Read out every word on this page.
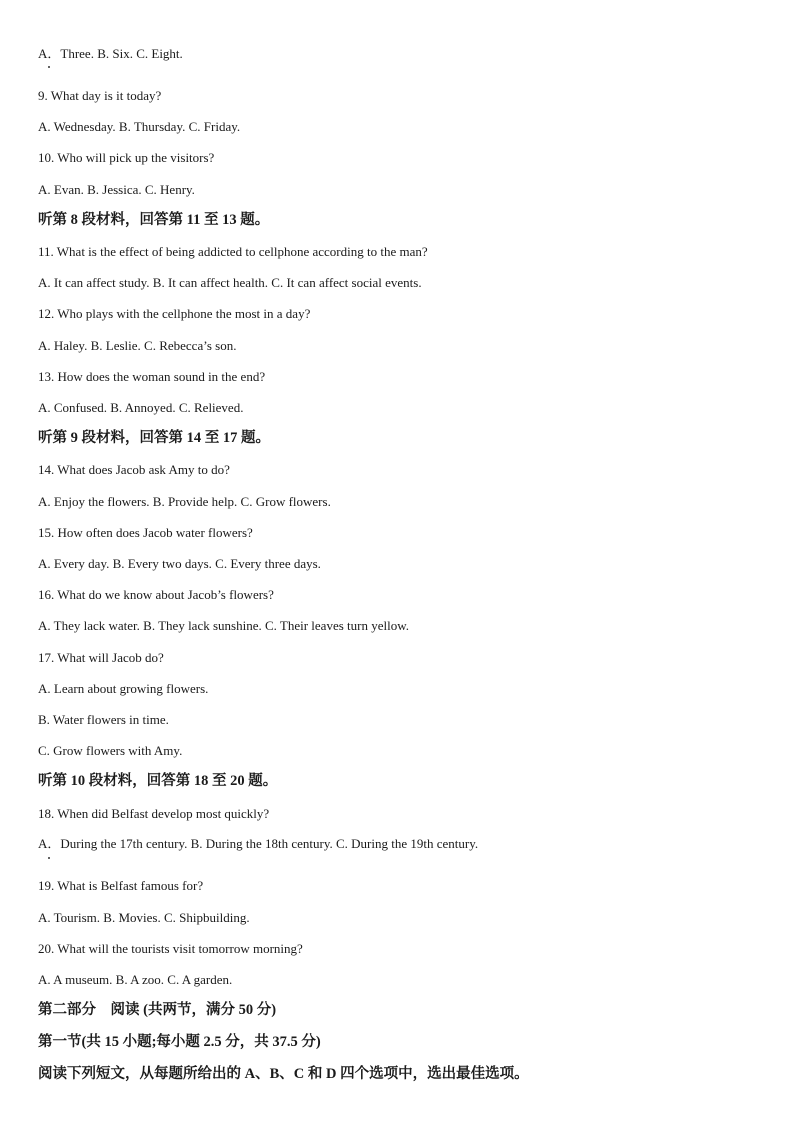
A．Three. B. Six. C. Eight.
9. What day is it today?
A. Wednesday. B. Thursday. C. Friday.
10. Who will pick up the visitors?
A. Evan. B. Jessica. C. Henry.
听第 8 段材料，回答第 11 至 13 题。
11. What is the effect of being addicted to cellphone according to the man?
A. It can affect study. B. It can affect health. C. It can affect social events.
12. Who plays with the cellphone the most in a day?
A. Haley. B. Leslie. C. Rebecca’s son.
13. How does the woman sound in the end?
A. Confused. B. Annoyed. C. Relieved.
听第 9 段材料，回答第 14 至 17 题。
14. What does Jacob ask Amy to do?
A. Enjoy the flowers. B. Provide help. C. Grow flowers.
15. How often does Jacob water flowers?
A. Every day. B. Every two days. C. Every three days.
16. What do we know about Jacob’s flowers?
A. They lack water. B. They lack sunshine. C. Their leaves turn yellow.
17. What will Jacob do?
A. Learn about growing flowers.
B. Water flowers in time.
C. Grow flowers with Amy.
听第 10 段材料，回答第 18 至 20 题。
18. When did Belfast develop most quickly?
A．During the 17th century. B. During the 18th century. C. During the 19th century.
19. What is Belfast famous for?
A. Tourism. B. Movies. C. Shipbuilding.
20. What will the tourists visit tomorrow morning?
A. A museum. B. A zoo. C. A garden.
第二部分　阅读 (共两节，满分 50 分)
第一节(共 15 小题;每小题 2.5 分，共 37.5 分)
阅读下列短文，从每题所给出的 A、B、C 和 D 四个选项中，选出最佳选项。
